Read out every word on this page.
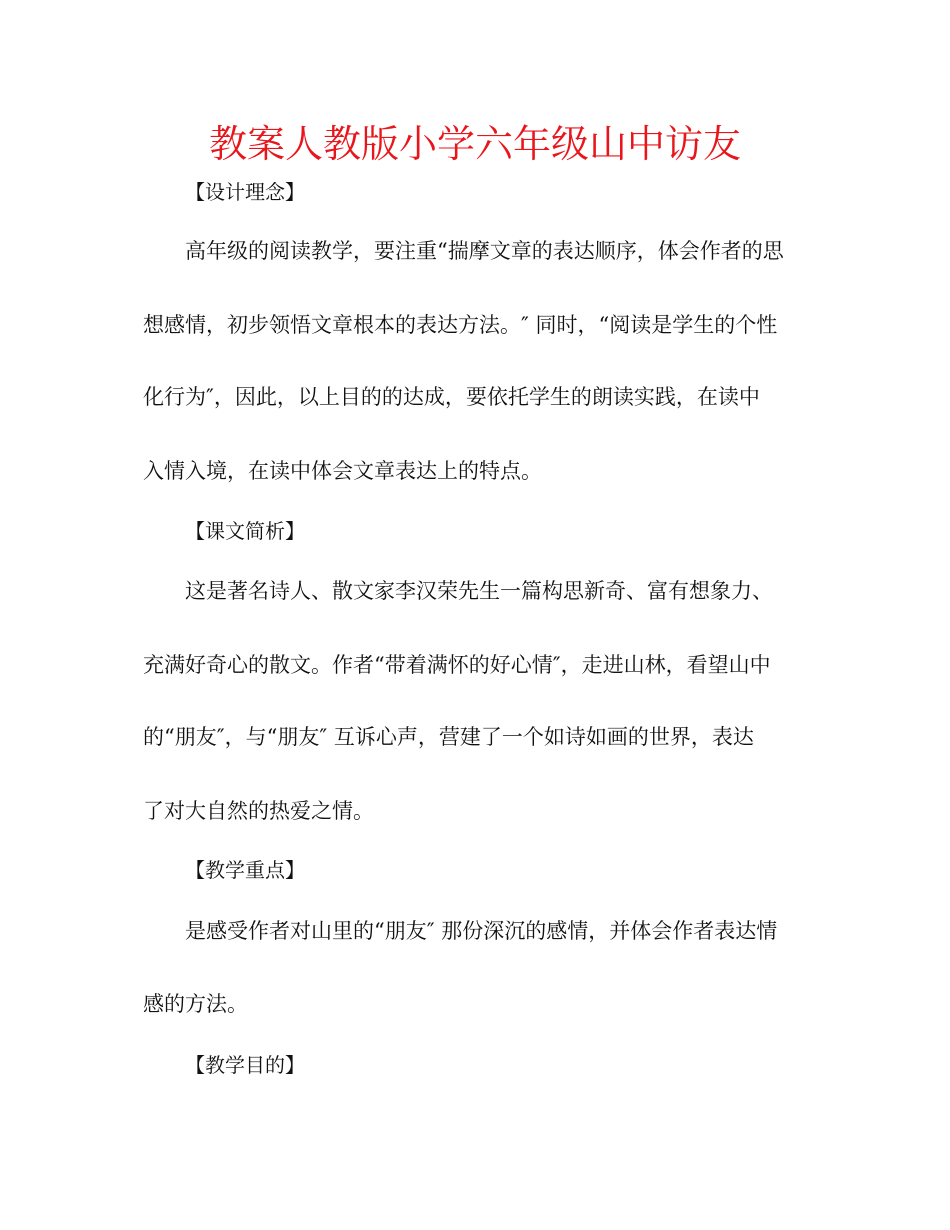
教案人教版小学六年级山中访友
【设计理念】
高年级的阅读教学，要注重“揣摩文章的表达顺序，体会作者的思
想感情，初步领悟文章根本的表达方法。″ 同时，“阅读是学生的个性
化行为″，因此，以上目的的达成，要依托学生的朗读实践，在读中
入情入境，在读中体会文章表达上的特点。
【课文简析】
这是著名诗人、散文家李汉荣先生一篇构思新奇、富有想象力、
充满好奇心的散文。作者“带着满怀的好心情″，走进山林，看望山中
的“朋友″，与“朋友″ 互诉心声，营建了一个如诗如画的世界，表达
了对大自然的热爱之情。
【教学重点】
是感受作者对山里的“朋友″ 那份深沉的感情，并体会作者表达情
感的方法。
【教学目的】
